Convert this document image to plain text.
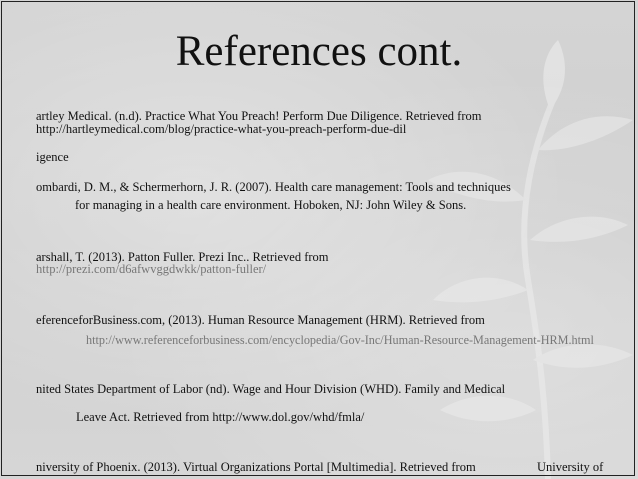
References cont.
artley Medical. (n.d). Practice What You Preach! Perform Due Diligence. Retrieved from
http://hartleymedical.com/blog/practice-what-you-preach-perform-due-dil
igence
ombardi, D. M., & Schermerhorn, J. R. (2007). Health care management: Tools and techniques
for managing in a health care environment. Hoboken, NJ: John Wiley & Sons.
arshall, T. (2013). Patton Fuller. Prezi Inc.. Retrieved from
http://prezi.com/d6afwvggdwkk/patton-fuller/
eferenceforBusiness.com, (2013). Human Resource Management (HRM). Retrieved from
http://www.referenceforbusiness.com/encyclopedia/Gov-Inc/Human-Resource-Management-HRM.html
nited States Department of Labor (nd). Wage and Hour Division (WHD). Family and Medical
Leave Act. Retrieved from http://www.dol.gov/whd/fmla/
niversity of Phoenix. (2013). Virtual Organizations Portal [Multimedia]. Retrieved from	University of
